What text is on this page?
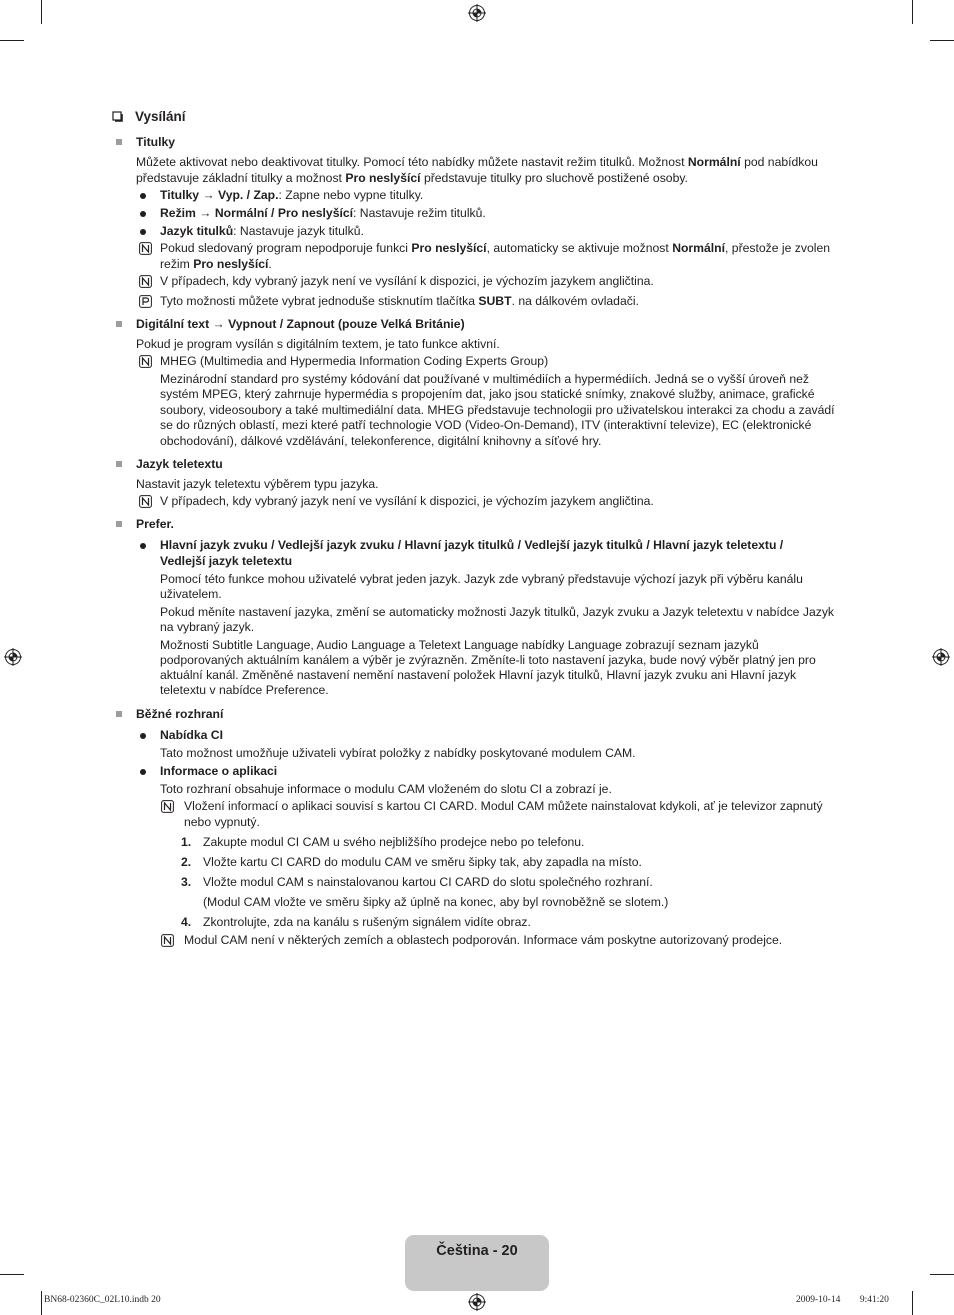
Vysílání
Titulky
Můžete aktivovat nebo deaktivovat titulky. Pomocí této nabídky můžete nastavit režim titulků. Možnost Normální pod nabídkou
představuje základní titulky a možnost Pro neslyšící představuje titulky pro sluchově postižené osoby.
Titulky → Vyp. / Zap.: Zapne nebo vypne titulky.
Režim → Normální / Pro neslyšící: Nastavuje režim titulků.
Jazyk titulků: Nastavuje jazyk titulků.
Pokud sledovaný program nepodporuje funkci Pro neslyšící, automaticky se aktivuje možnost Normální, přestože je zvolen
režim Pro neslyšící.
V případech, kdy vybraný jazyk není ve vysílání k dispozici, je výchozím jazykem angličtina.
Tyto možnosti můžete vybrat jednoduše stisknutím tlačítka SUBT. na dálkovém ovladači.
Digitální text → Vypnout / Zapnout (pouze Velká Británie)
Pokud je program vysílán s digitálním textem, je tato funkce aktivní.
MHEG (Multimedia and Hypermedia Information Coding Experts Group)
Mezinárodní standard pro systémy kódování dat používané v multimédiích a hypermédiích. Jedná se o vyšší úroveň než
systém MPEG, který zahrnuje hypermédia s propojením dat, jako jsou statické snímky, znakové služby, animace, grafické
soubory, videosoubory a také multimediální data. MHEG představuje technologii pro uživatelskou interakci za chodu a zavádí
se do různých oblastí, mezi které patří technologie VOD (Video-On-Demand), ITV (interaktivní televize), EC (elektronické
obchodování), dálkové vzdělávání, telekonference, digitální knihovny a síťové hry.
Jazyk teletextu
Nastavit jazyk teletextu výběrem typu jazyka.
V případech, kdy vybraný jazyk není ve vysílání k dispozici, je výchozím jazykem angličtina.
Prefer.
Hlavní jazyk zvuku / Vedlejší jazyk zvuku / Hlavní jazyk titulků / Vedlejší jazyk titulků / Hlavní jazyk teletextu /
Vedlejší jazyk teletextu
Pomocí této funkce mohou uživatelé vybrat jeden jazyk. Jazyk zde vybraný představuje výchozí jazyk při výběru kanálu
uživatelem.
Pokud měníte nastavení jazyka, změní se automaticky možnosti Jazyk titulků, Jazyk zvuku a Jazyk teletextu v nabídce Jazyk
na vybraný jazyk.
Možnosti Subtitle Language, Audio Language a Teletext Language nabídky Language zobrazují seznam jazyků
podporovaných aktuálním kanálem a výběr je zvýrazněn. Změníte-li toto nastavení jazyka, bude nový výběr platný jen pro
aktuální kanál. Změněné nastavení nemění nastavení položek Hlavní jazyk titulků, Hlavní jazyk zvuku ani Hlavní jazyk
teletextu v nabídce Preference.
Běžné rozhraní
Nabídka CI
Tato možnost umožňuje uživateli vybírat položky z nabídky poskytované modulem CAM.
Informace o aplikaci
Toto rozhraní obsahuje informace o modulu CAM vloženém do slotu CI a zobrazí je.
Vložení informací o aplikaci souvisí s kartou CI CARD. Modul CAM můžete nainstalovat kdykoli, ať je televizor zapnutý
nebo vypnutý.
1. Zakupte modul CI CAM u svého nejbližšího prodejce nebo po telefonu.
2. Vložte kartu CI CARD do modulu CAM ve směru šipky tak, aby zapadla na místo.
3. Vložte modul CAM s nainstalovanou kartou CI CARD do slotu společného rozhraní.
(Modul CAM vložte ve směru šipky až úplně na konec, aby byl rovnoběžně se slotem.)
4. Zkontrolujte, zda na kanálu s rušeným signálem vidíte obraz.
Modul CAM není v některých zemích a oblastech podporován. Informace vám poskytne autorizovaný prodejce.
Čeština - 20
BN68-02360C_02L10.indb 20	2009-10-14 􀀀􀀀 9:41:20
